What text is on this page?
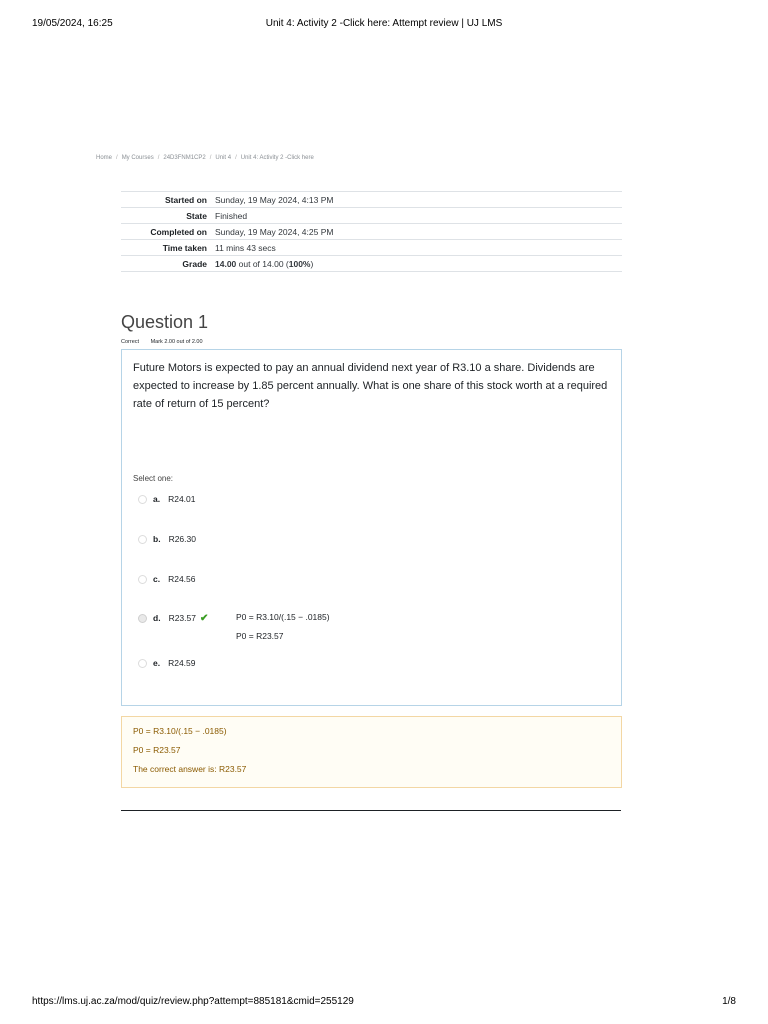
19/05/2024, 16:25	Unit 4: Activity 2 -Click here: Attempt review | UJ LMS
Home / My Courses / 24D3FNM1CP2 / Unit 4 / Unit 4: Activity 2 -Click here
Started on	Sunday, 19 May 2024, 4:13 PM
State	Finished
Completed on	Sunday, 19 May 2024, 4:25 PM
Time taken	11 mins 43 secs
Grade	14.00 out of 14.00 (100%)
Question 1
Correct Mark 2.00 out of 2.00
Future Motors is expected to pay an annual dividend next year of R3.10 a share. Dividends are expected to increase by 1.85 percent annually. What is one share of this stock worth at a required rate of return of 15 percent?
Select one:
a. R24.01
b. R26.30
c. R24.56
d. R23.57 ✔	P0 = R3.10/(.15 − .0185)
P0 = R23.57
e. R24.59

P0 = R3.10/(.15 − .0185)

P0 = R23.57

The correct answer is: R23.57

https://lms.uj.ac.za/mod/quiz/review.php?attempt=885181&cmid=255129	1/8
